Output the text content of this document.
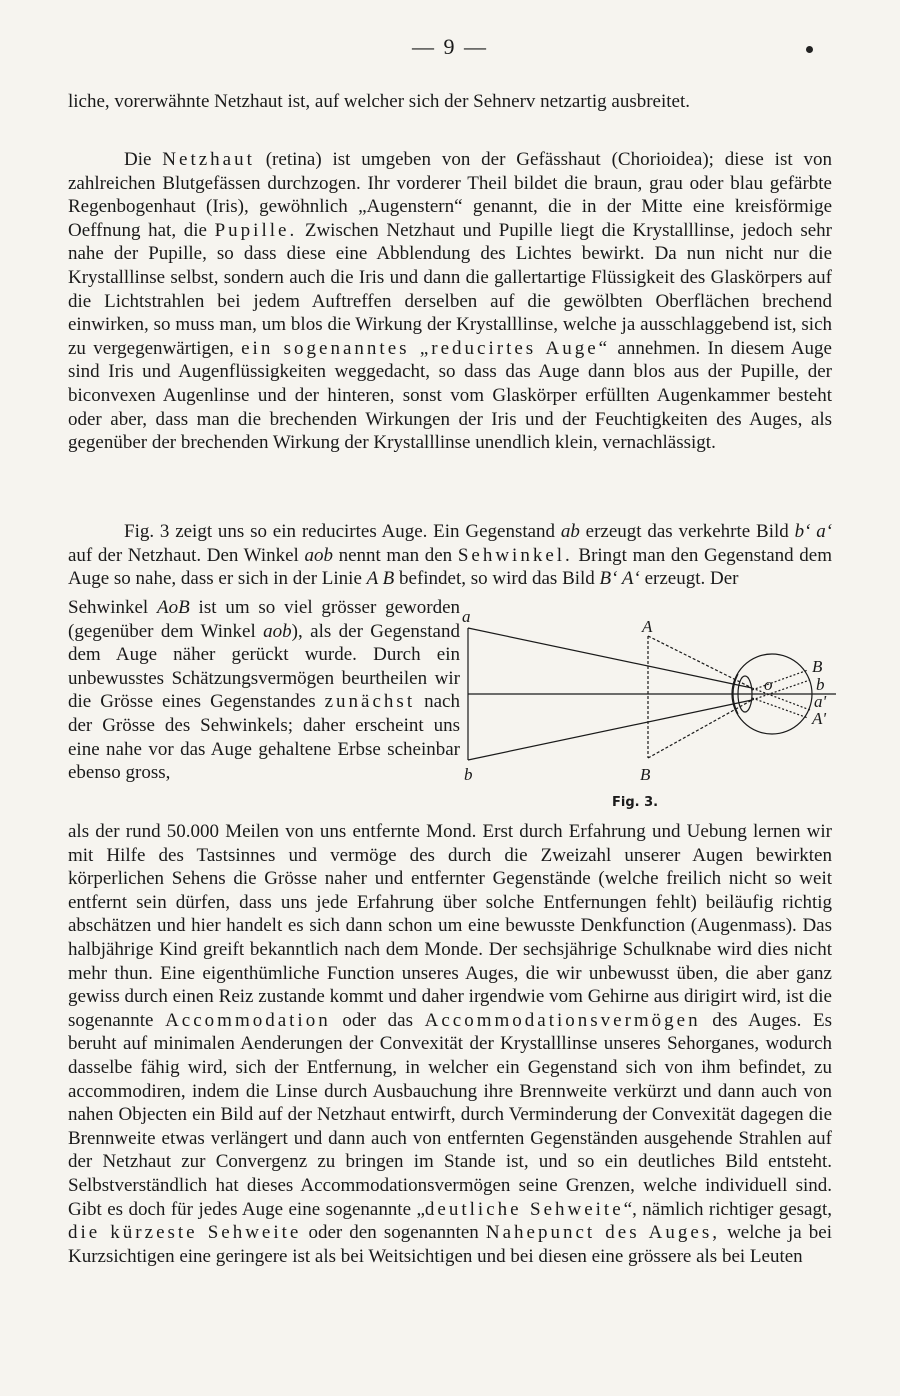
— 9 —

liche, vorerwähnte Netzhaut ist, auf welcher sich der Sehnerv netzartig ausbreitet.

Die Netzhaut (retina) ist umgeben von der Gefässhaut (Chorioidea); diese ist von zahlreichen Blutgefässen durchzogen. Ihr vorderer Theil bildet die braun, grau oder blau gefärbte Regenbogenhaut (Iris), gewöhnlich „Augenstern“ genannt, die in der Mitte eine kreisförmige Oeffnung hat, die Pupille. Zwischen Netzhaut und Pupille liegt die Krystalllinse, jedoch sehr nahe der Pupille, so dass diese eine Abblendung des Lichtes bewirkt. Da nun nicht nur die Krystalllinse selbst, sondern auch die Iris und dann die gallertartige Flüssigkeit des Glaskörpers auf die Lichtstrahlen bei jedem Auftreffen derselben auf die gewölbten Oberflächen brechend einwirken, so muss man, um blos die Wirkung der Krystalllinse, welche ja ausschlaggebend ist, sich zu vergegenwärtigen, ein sogenanntes „reducirtes Auge“ annehmen. In diesem Auge sind Iris und Augenflüssigkeiten weggedacht, so dass das Auge dann blos aus der Pupille, der biconvexen Augenlinse und der hinteren, sonst vom Glaskörper erfüllten Augenkammer besteht oder aber, dass man die brechenden Wirkungen der Iris und der Feuchtigkeiten des Auges, als gegenüber der brechenden Wirkung der Krystalllinse unendlich klein, vernachlässigt.

Fig. 3 zeigt uns so ein reducirtes Auge. Ein Gegenstand ab erzeugt das verkehrte Bild b‘ a‘ auf der Netzhaut. Den Winkel aob nennt man den Sehwinkel. Bringt man den Gegenstand dem Auge so nahe, dass er sich in der Linie A B befindet, so wird das Bild B‘ A‘ erzeugt. Der

Sehwinkel AoB ist um so viel grösser geworden (gegenüber dem Winkel aob), als der Gegenstand dem Auge näher gerückt wurde. Durch ein unbewusstes Schätzungsvermögen beurtheilen wir die Grösse eines Gegenstandes zunächst nach der Grösse des Sehwinkels; daher erscheint uns eine nahe vor das Auge gehaltene Erbse scheinbar ebenso gross,

a
b
A
B
o
B
b
a'
A'
Fig. 3.

als der rund 50.000 Meilen von uns entfernte Mond. Erst durch Erfahrung und Uebung lernen wir mit Hilfe des Tastsinnes und vermöge des durch die Zweizahl unserer Augen bewirkten körperlichen Sehens die Grösse naher und entfernter Gegenstände (welche freilich nicht so weit entfernt sein dürfen, dass uns jede Erfahrung über solche Entfernungen fehlt) beiläufig richtig abschätzen und hier handelt es sich dann schon um eine bewusste Denkfunction (Augenmass). Das halbjährige Kind greift bekanntlich nach dem Monde. Der sechsjährige Schulknabe wird dies nicht mehr thun. Eine eigenthümliche Function unseres Auges, die wir unbewusst üben, die aber ganz gewiss durch einen Reiz zustande kommt und daher irgendwie vom Gehirne aus dirigirt wird, ist die sogenannte Accommodation oder das Accommodationsvermögen des Auges. Es beruht auf minimalen Aenderungen der Convexität der Krystalllinse unseres Sehorganes, wodurch dasselbe fähig wird, sich der Entfernung, in welcher ein Gegenstand sich von ihm befindet, zu accommodiren, indem die Linse durch Ausbauchung ihre Brennweite verkürzt und dann auch von nahen Objecten ein Bild auf der Netzhaut entwirft, durch Verminderung der Convexität dagegen die Brennweite etwas verlängert und dann auch von entfernten Gegenständen ausgehende Strahlen auf der Netzhaut zur Convergenz zu bringen im Stande ist, und so ein deutliches Bild entsteht. Selbstverständlich hat dieses Accommodationsvermögen seine Grenzen, welche individuell sind. Gibt es doch für jedes Auge eine sogenannte „deutliche Sehweite“, nämlich richtiger gesagt, die kürzeste Sehweite oder den sogenannten Nahepunct des Auges, welche ja bei Kurzsichtigen eine geringere ist als bei Weitsichtigen und bei diesen eine grössere als bei Leuten
